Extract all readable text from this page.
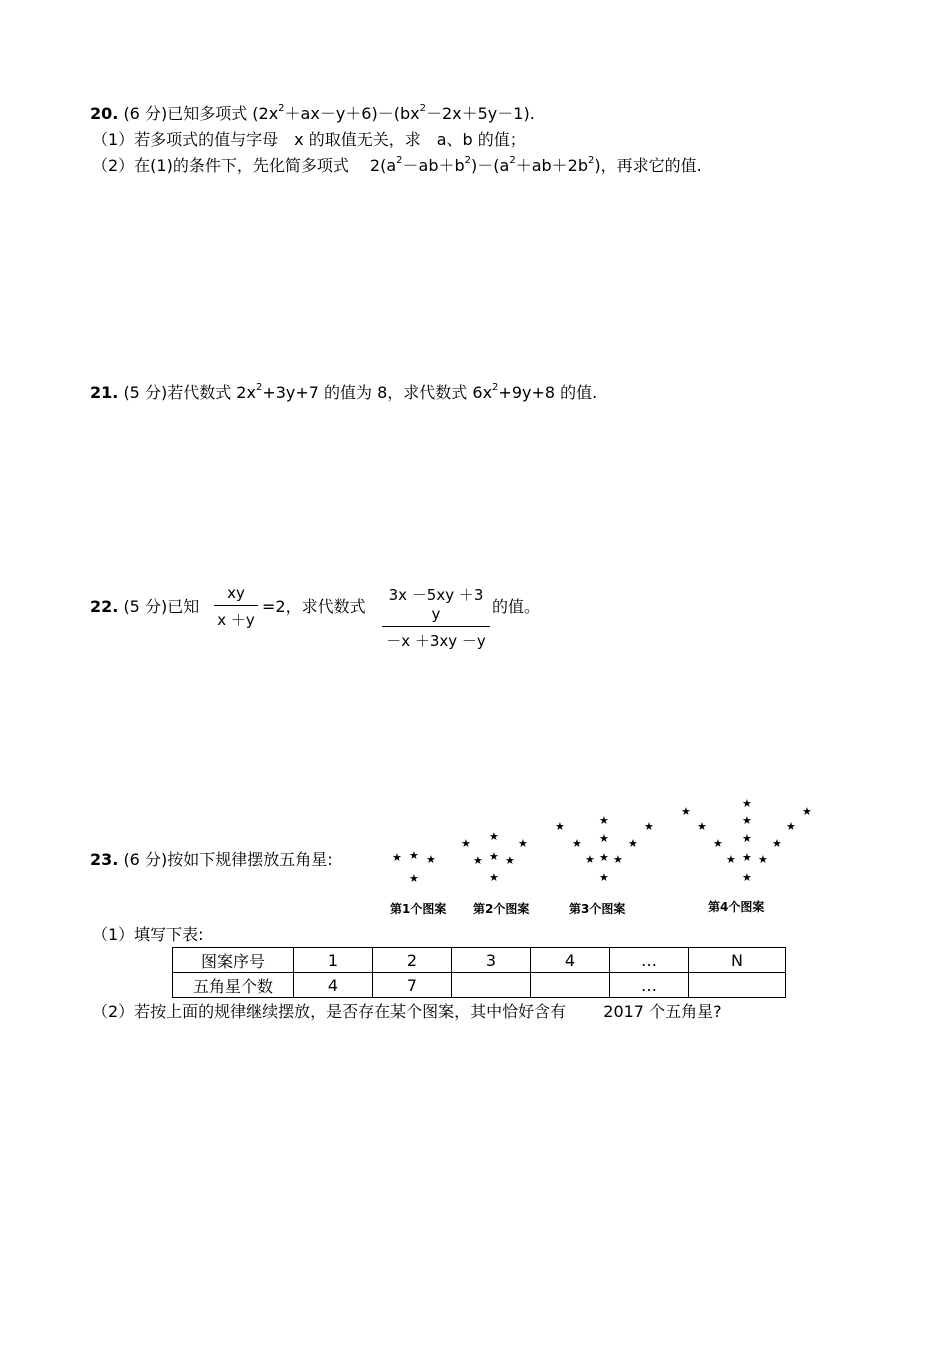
20. (6 分)已知多项式 $(2x^2+ax-y+6)-(bx^2-2x+5y-1)$.
（1）若多项式的值与字母　x 的取值无关，求　a、b 的值；
（2）在(1)的条件下，先化简多项式　 $2(a^2-ab+b^2)-(a^2+ab+2b^2)$，再求它的值.
21. (5 分)若代数式 $2x^2+3y+7$ 的值为 8，求代数式 $6x^2+9y+8$ 的值.
22. (5 分)已知
xy
x ＋y
=2，求代数式
3x －5xy ＋3 y
－x ＋3xy －y
的值。
23. (6 分)按如下规律摆放五角星:	★ ★ ★
★
★
★
★
★ ★
★
★
★
★
★
★
★
★ ★
★
★
★
★
★
★
★
★
★
★
★ ★
★
★
★
★
第1个图案 第2个图案	第3个图案	第4个图案
（1）填写下表:
图案序号	1	2	3	4	…	N
五角星个数	4	7			…	
（2）若按上面的规律继续摆放，是否存在某个图案，其中恰好含有　　 2017 个五角星?
